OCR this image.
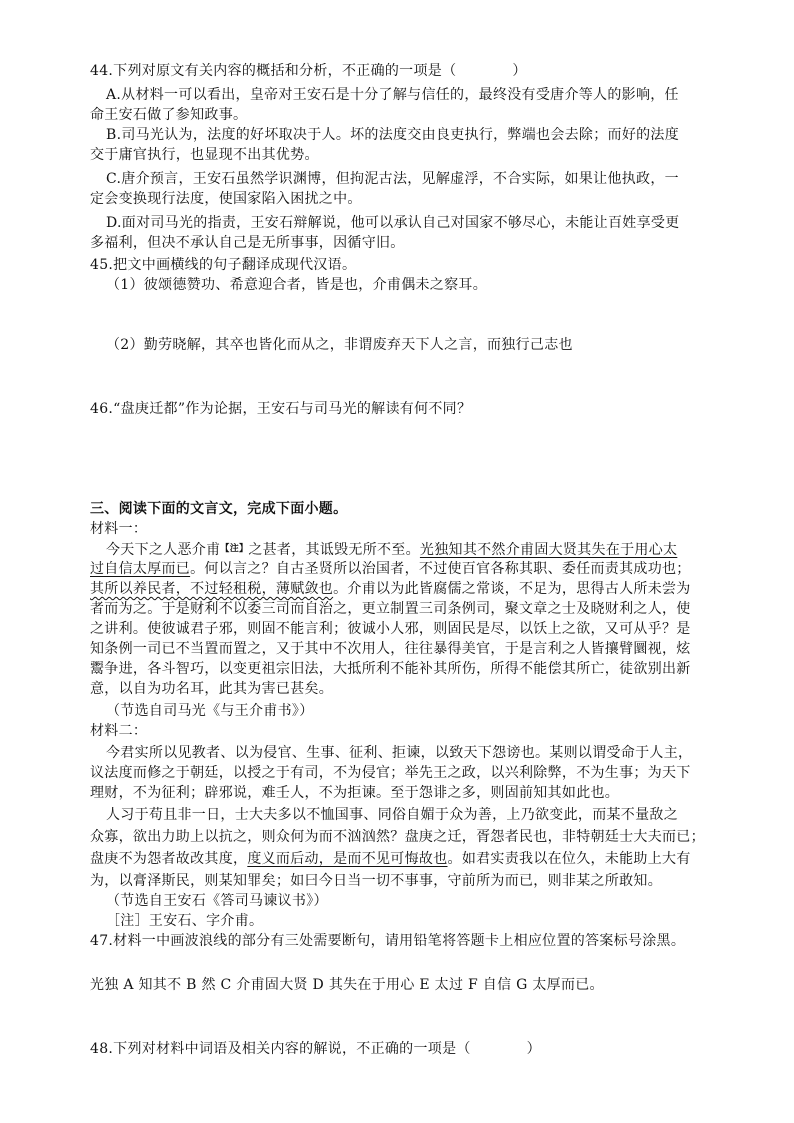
44.下列对原文有关内容的概括和分析，不正确的一项是（	）
A.从材料一可以看出，皇帝对王安石是十分了解与信任的，最终没有受唐介等人的影响，任
命王安石做了参知政事。
B.司马光认为，法度的好坏取决于人。坏的法度交由良吏执行，弊端也会去除；而好的法度
交于庸官执行，也显现不出其优势。
C.唐介预言，王安石虽然学识渊博，但拘泥古法，见解虚浮，不合实际，如果让他执政，一
定会变换现行法度，使国家陷入困扰之中。
D.面对司马光的指责，王安石辩解说，他可以承认自己对国家不够尽心，未能让百姓享受更
多福利，但决不承认自己是无所事事，因循守旧。
45.把文中画横线的句子翻译成现代汉语。
（1）彼颂德赞功、希意迎合者，皆是也，介甫偶未之察耳。
（2）勤劳晓解，其卒也皆化而从之，非谓废弃天下人之言，而独行己志也
46.“盘庚迁都”作为论据，王安石与司马光的解读有何不同？
三、阅读下面的文言文，完成下面小题。
材料一：
今天下之人恶介甫$^{【注】}$之甚者，其诋毁无所不至。光独知其不然介甫固大贤其失在于用心太
过自信太厚而已。何以言之？自古圣贤所以治国者，不过使百官各称其职、委任而责其成功也；
其所以养民者，不过轻租税，薄赋敛也。介甫以为此皆腐儒之常谈，不足为，思得古人所未尝为
者而为之。于是财利不以委三司而自治之，更立制置三司条例司，聚文章之士及晓财利之人，使
之讲利。使彼诚君子邪，则固不能言利；彼诚小人邪，则固民是尽，以饫上之欲，又可从乎？是
知条例一司已不当置而置之，又于其中不次用人，往往暴得美官，于是言利之人皆攘臂圜视，炫
鬻争进，各斗智巧，以变更祖宗旧法，大抵所利不能补其所伤，所得不能偿其所亡，徒欲别出新
意，以自为功名耳，此其为害已甚矣。
（节选自司马光《与王介甫书》）
材料二：
今君实所以见教者、以为侵官、生事、征利、拒谏，以致天下怨谤也。某则以谓受命于人主，
议法度而修之于朝廷，以授之于有司，不为侵官；举先王之政，以兴利除弊，不为生事；为天下
理财，不为征利；辟邪说，难壬人，不为拒谏。至于怨诽之多，则固前知其如此也。
人习于苟且非一日，士大夫多以不恤国事、同俗自媚于众为善，上乃欲变此，而某不量敌之
众寡，欲出力助上以抗之，则众何为而不汹汹然？盘庚之迁，胥怨者民也，非特朝廷士大夫而已；
盘庚不为怨者故改其度，度义而后动，是而不见可悔故也。如君实责我以在位久，未能助上大有
为，以膏泽斯民，则某知罪矣；如曰今日当一切不事事，守前所为而已，则非某之所敢知。
（节选自王安石《答司马谏议书》）
［注］王安石、字介甫。
47.材料一中画波浪线的部分有三处需要断句，请用铅笔将答题卡上相应位置的答案标号涂黑。
光独 A 知其不 B 然 C 介甫固大贤 D 其失在于用心 E 太过 F 自信 G 太厚而已。
48.下列对材料中词语及相关内容的解说，不正确的一项是（	）
